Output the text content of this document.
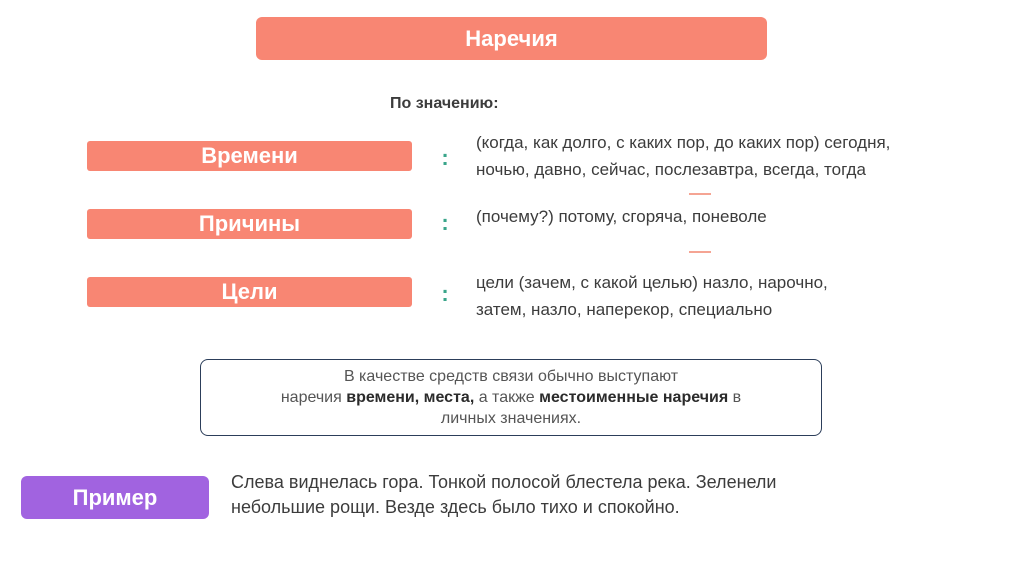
Наречия
По значению:
Времени	:
(когда, как долго, с каких пор, до каких пор) сегодня,
ночью, давно, сейчас, послезавтра, всегда, тогда
Причины	: (почему?) потому, сгоряча, поневоле
Цели	: цели (зачем, с какой целью) назло, нарочно,
затем, назло, наперекор, специально
В качестве средств связи обычно выступают
наречия времени, места, а также местоименные наречия в
личных значениях.
Пример
Слева виднелась гора. Тонкой полосой блестела река. Зеленели
небольшие рощи. Везде здесь было тихо и спокойно.
